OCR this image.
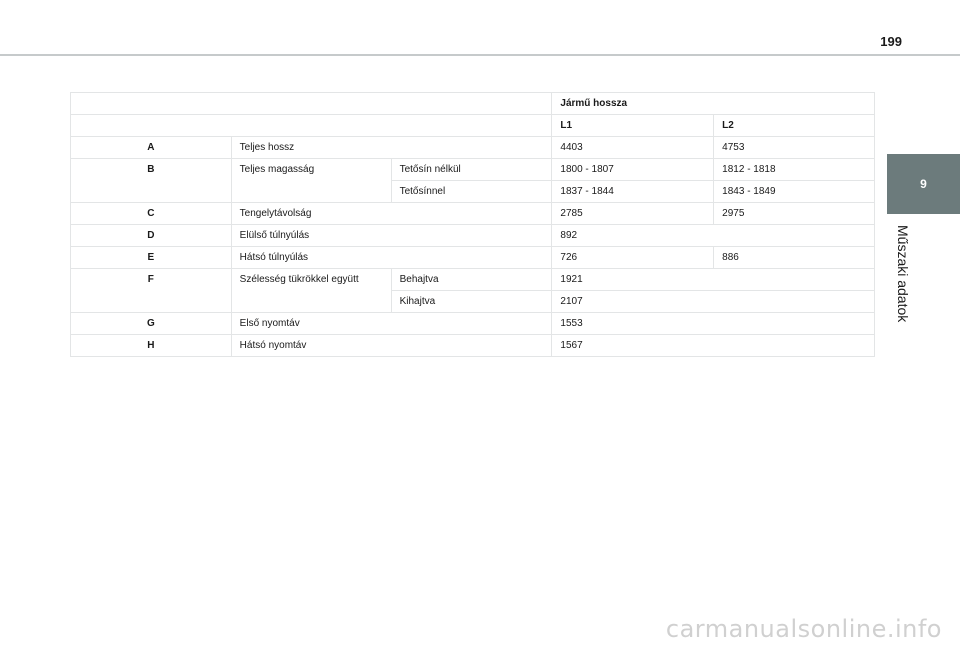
199
9
Műszaki adatok
			Jármű hossza	
			L1	L2
A	Teljes hossz		4403	4753
B	Teljes magasság	Tetősín nélkül	1800 - 1807	1812 - 1818
		Tetősínnel	1837 - 1844	1843 - 1849
C	Tengelytávolság		2785	2975
D	Elülső túlnyúlás		892	
E	Hátsó túlnyúlás		726	886
F	Szélesség tükrökkel együtt	Behajtva	1921	
		Kihajtva	2107	
G	Első nyomtáv		1553	
H	Hátsó nyomtáv		1567	
carmanualsonline.info
